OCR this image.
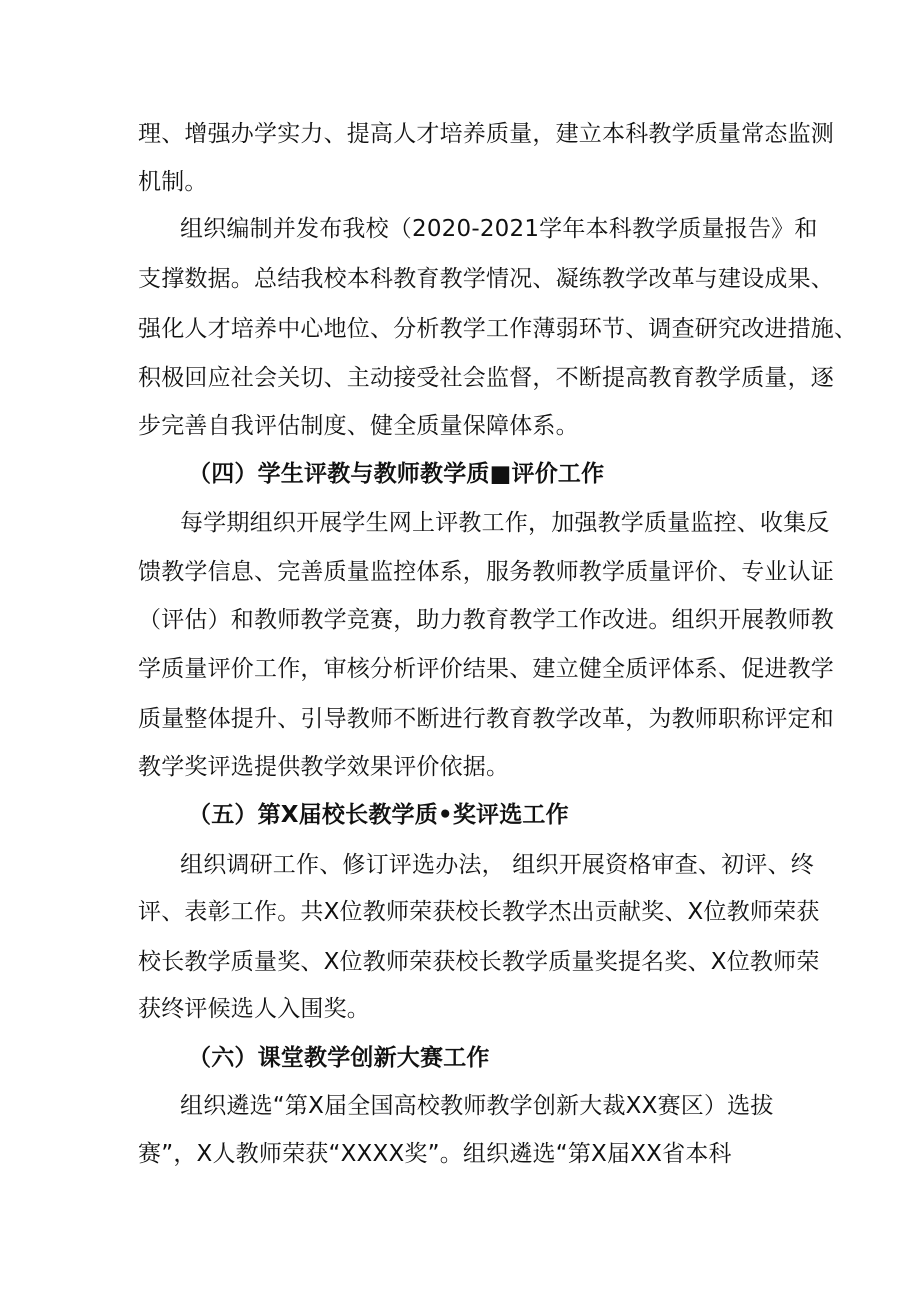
理、增强办学实力、提高人才培养质量，建立本科教学质量常态监测
机制。
组织编制并发布我校（2020-2021学年本科教学质量报告》和
支撑数据。总结我校本科教育教学情况、凝练教学改革与建设成果、
强化人才培养中心地位、分析教学工作薄弱环节、调查研究改进措施、
积极回应社会关切、主动接受社会监督，不断提高教育教学质量，逐
步完善自我评估制度、健全质量保障体系。
（四）学生评教与教师教学质■评价工作
每学期组织开展学生网上评教工作，加强教学质量监控、收集反
馈教学信息、完善质量监控体系，服务教师教学质量评价、专业认证
（评估）和教师教学竞赛，助力教育教学工作改进。组织开展教师教
学质量评价工作，审核分析评价结果、建立健全质评体系、促进教学
质量整体提升、引导教师不断进行教育教学改革，为教师职称评定和
教学奖评选提供教学效果评价依据。
（五）第X届校长教学质•奖评选工作
组织调研工作、修订评选办法， 组织开展资格审查、初评、终
评、表彰工作。共X位教师荣获校长教学杰出贡献奖、X位教师荣获
校长教学质量奖、X位教师荣获校长教学质量奖提名奖、X位教师荣
获终评候选人入围奖。
（六）课堂教学创新大赛工作
组织遴选“第X届全国高校教师教学创新大裁XX赛区）选拔
赛”，X人教师荣获“XXXX奖”。组织遴选“第X届XX省本科
